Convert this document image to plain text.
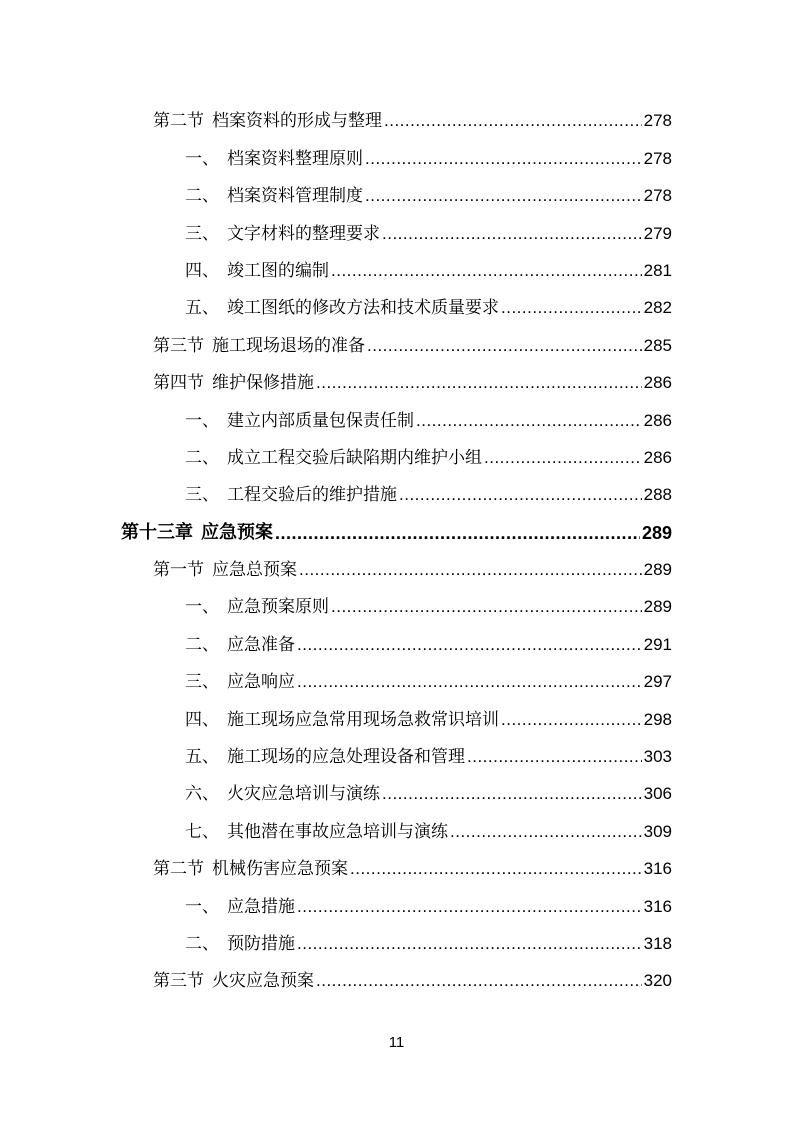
第二节 档案资料的形成与整理 .....	278
一、 档案资料整理原则 .....	278
二、 档案资料管理制度 .....	278
三、 文字材料的整理要求 .....	279
四、 竣工图的编制 .....	281
五、 竣工图纸的修改方法和技术质量要求 .....	282
第三节 施工现场退场的准备 .....	285
第四节 维护保修措施 .....	286
一、 建立内部质量包保责任制 .....	286
二、 成立工程交验后缺陷期内维护小组 .....	286
三、 工程交验后的维护措施 .....	288
第十三章 应急预案 .....	289
第一节 应急总预案 .....	289
一、 应急预案原则 .....	289
二、 应急准备 .....	291
三、 应急响应 .....	297
四、 施工现场应急常用现场急救常识培训 .....	298
五、 施工现场的应急处理设备和管理 .....	303
六、 火灾应急培训与演练 .....	306
七、 其他潜在事故应急培训与演练 .....	309
第二节 机械伤害应急预案 .....	316
一、 应急措施 .....	316
二、 预防措施 .....	318
第三节 火灾应急预案 .....	320
11
